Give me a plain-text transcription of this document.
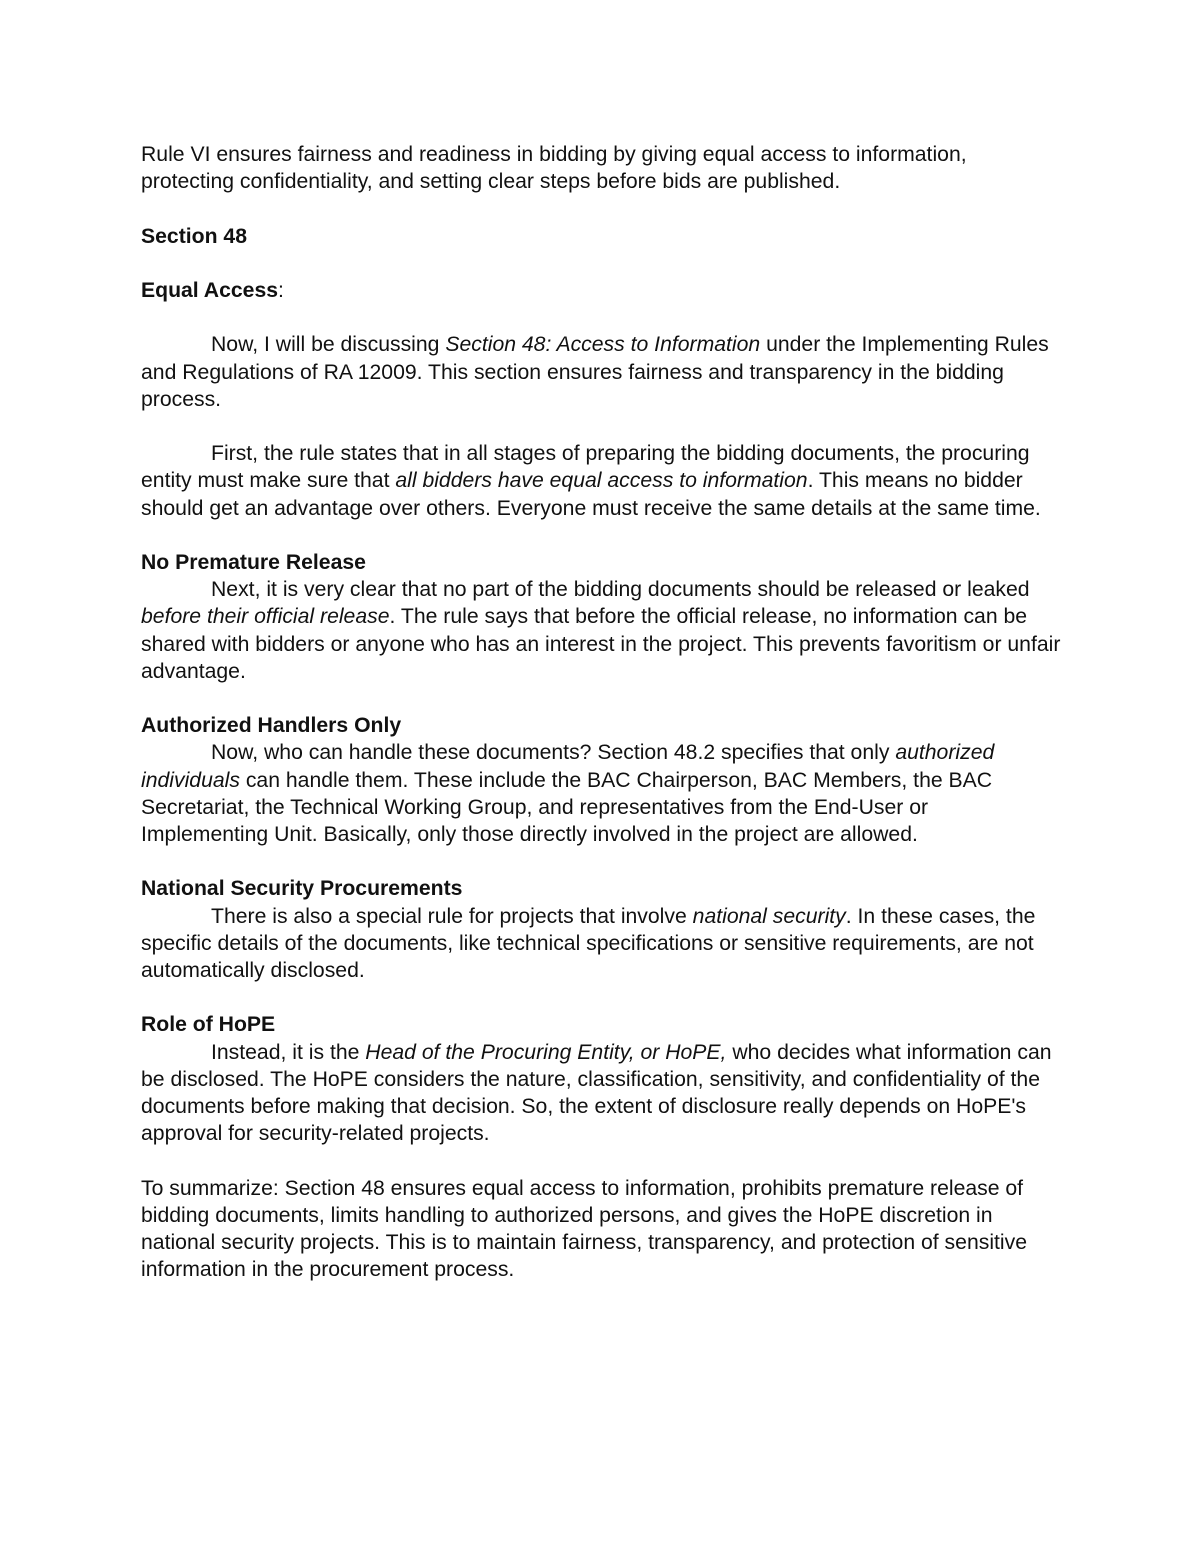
Rule VI ensures fairness and readiness in bidding by giving equal access to information, protecting confidentiality, and setting clear steps before bids are published.

Section 48

Equal Access:

Now, I will be discussing Section 48: Access to Information under the Implementing Rules and Regulations of RA 12009. This section ensures fairness and transparency in the bidding process.

First, the rule states that in all stages of preparing the bidding documents, the procuring entity must make sure that all bidders have equal access to information. This means no bidder should get an advantage over others. Everyone must receive the same details at the same time.

No Premature Release

Next, it is very clear that no part of the bidding documents should be released or leaked before their official release. The rule says that before the official release, no information can be shared with bidders or anyone who has an interest in the project. This prevents favoritism or unfair advantage.

Authorized Handlers Only

Now, who can handle these documents? Section 48.2 specifies that only authorized individuals can handle them. These include the BAC Chairperson, BAC Members, the BAC Secretariat, the Technical Working Group, and representatives from the End-User or Implementing Unit. Basically, only those directly involved in the project are allowed.

National Security Procurements

There is also a special rule for projects that involve national security. In these cases, the specific details of the documents, like technical specifications or sensitive requirements, are not automatically disclosed.

Role of HoPE

Instead, it is the Head of the Procuring Entity, or HoPE, who decides what information can be disclosed. The HoPE considers the nature, classification, sensitivity, and confidentiality of the documents before making that decision. So, the extent of disclosure really depends on HoPE's approval for security-related projects.

To summarize: Section 48 ensures equal access to information, prohibits premature release of bidding documents, limits handling to authorized persons, and gives the HoPE discretion in national security projects. This is to maintain fairness, transparency, and protection of sensitive information in the procurement process.
